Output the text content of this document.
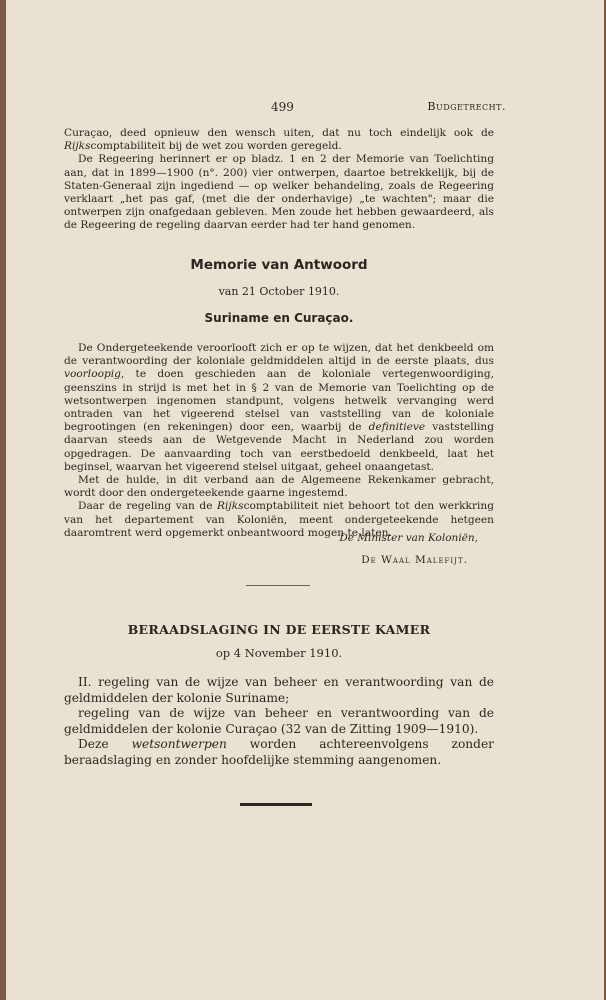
499	Budgetrecht.

Curaçao, deed opnieuw den wensch uiten, dat nu toch eindelijk ook de Rijkscomptabiliteit bij de wet zou worden geregeld.

De Regeering herinnert er op bladz. 1 en 2 der Memorie van Toelichting aan, dat in 1899—1900 (n°. 200) vier ontwerpen, daartoe betrekkelijk, bij de Staten-Generaal zijn ingediend — op welker behandeling, zoals de Regeering verklaart „het pas gaf, (met die der onderhavige) „te wachten"; maar die ontwerpen zijn onafgedaan gebleven. Men zoude het hebben gewaardeerd, als de Regeering de regeling daarvan eerder had ter hand genomen.

Memorie van Antwoord
van 21 October 1910.
Suriname en Curaçao.

De Ondergeteekende veroorlooft zich er op te wijzen, dat het denkbeeld om de verantwoording der koloniale geldmiddelen altijd in de eerste plaats, dus voorloopig, te doen geschieden aan de koloniale vertegenwoordiging, geenszins in strijd is met het in § 2 van de Memorie van Toelichting op de wetsontwerpen ingenomen standpunt, volgens hetwelk vervanging werd ontraden van het vigeerend stelsel van vaststelling van de koloniale begrootingen (en rekeningen) door een, waarbij de definitieve vaststelling daarvan steeds aan de Wetgevende Macht in Nederland zou worden opgedragen. De aanvaarding toch van eerstbedoeld denkbeeld, laat het beginsel, waarvan het vigeerend stelsel uitgaat, geheel onaangetast.

Met de hulde, in dit verband aan de Algemeene Rekenkamer gebracht, wordt door den ondergeteekende gaarne ingestemd.

Daar de regeling van de Rijkscomptabiliteit niet behoort tot den werkkring van het departement van Koloniën, meent ondergeteekende hetgeen daaromtrent werd opgemerkt onbeantwoord mogen te laten.

De Minister van Koloniën,
De Waal Malefijt.
BERAADSLAGING IN DE EERSTE KAMER
op 4 November 1910.

II. regeling van de wijze van beheer en verantwoording van de geldmiddelen der kolonie Suriname;

regeling van de wijze van beheer en verantwoording van de geldmiddelen der kolonie Curaçao (32 van de Zitting 1909—1910).

Deze wetsontwerpen worden achtereenvolgens zonder beraadslaging en zonder hoofdelijke stemming aangenomen.
